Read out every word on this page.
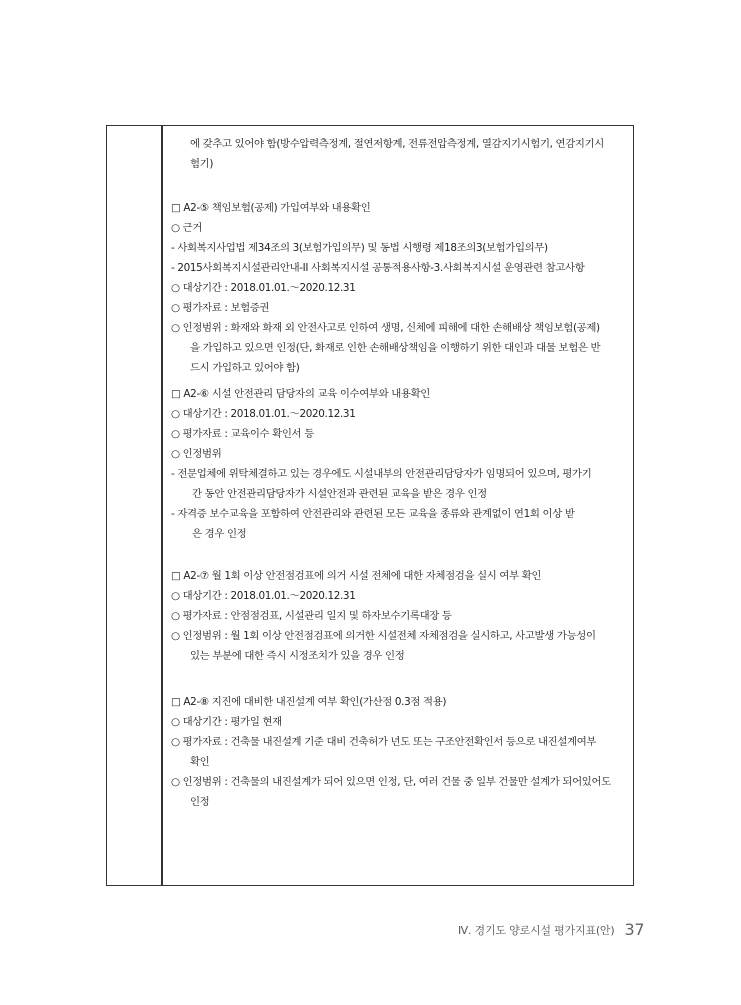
에 갖추고 있어야 함(방수압력측정계, 절연저항계, 전류전압측정계, 열감지기시험기, 연감지기시
험기)
□ A2-⑤ 책임보험(공제) 가입여부와 내용확인
○ 근거
- 사회복지사업법 제34조의 3(보험가입의무) 및 동법 시행령 제18조의3(보험가입의무)
- 2015사회복지시설관리안내-II 사회복지시설 공통적용사항-3.사회복지시설 운영관련 참고사항
○ 대상기간 : 2018.01.01.～2020.12.31
○ 평가자료 : 보험증권
○ 인정범위 : 화재와 화재 외 안전사고로 인하여 생명, 신체에 피해에 대한 손해배상 책임보험(공제)
을 가입하고 있으면 인정(단, 화재로 인한 손해배상책임을 이행하기 위한 대인과 대물 보험은 반
드시 가입하고 있어야 함)
□ A2-⑥ 시설 안전관리 담당자의 교육 이수여부와 내용확인
○ 대상기간 : 2018.01.01.～2020.12.31
○ 평가자료 : 교육이수 확인서 등
○ 인정범위
- 전문업체에 위탁체결하고 있는 경우에도 시설내부의 안전관리담당자가 임명되어 있으며, 평가기
간 동안 안전관리담당자가 시설안전과 관련된 교육을 받은 경우 인정
- 자격증 보수교육을 포함하여 안전관리와 관련된 모든 교육을 종류와 관계없이 연1회 이상 받
은 경우 인정
□ A2-⑦ 월 1회 이상 안전점검표에 의거 시설 전체에 대한 자체점검을 실시 여부 확인
○ 대상기간 : 2018.01.01.～2020.12.31
○ 평가자료 : 안점점검표, 시설관리 일지 및 하자보수기록대장 등
○ 인정범위 : 월 1회 이상 안전점검표에 의거한 시설전체 자체점검을 실시하고, 사고발생 가능성이
있는 부분에 대한 즉시 시정조치가 있을 경우 인정
□ A2-⑧ 지진에 대비한 내진설계 여부 확인(가산점 0.3점 적용)
○ 대상기간 : 평가일 현재
○ 평가자료 : 건축물 내진설계 기준 대비 건축허가 년도 또는 구조안전확인서 등으로 내진설계여부
확인
○ 인정범위 : 건축물의 내진설계가 되어 있으면 인정, 단, 여러 건물 중 일부 건물만 설계가 되어있어도
인정
Ⅳ. 경기도 양로시설 평가지표(안) 37
